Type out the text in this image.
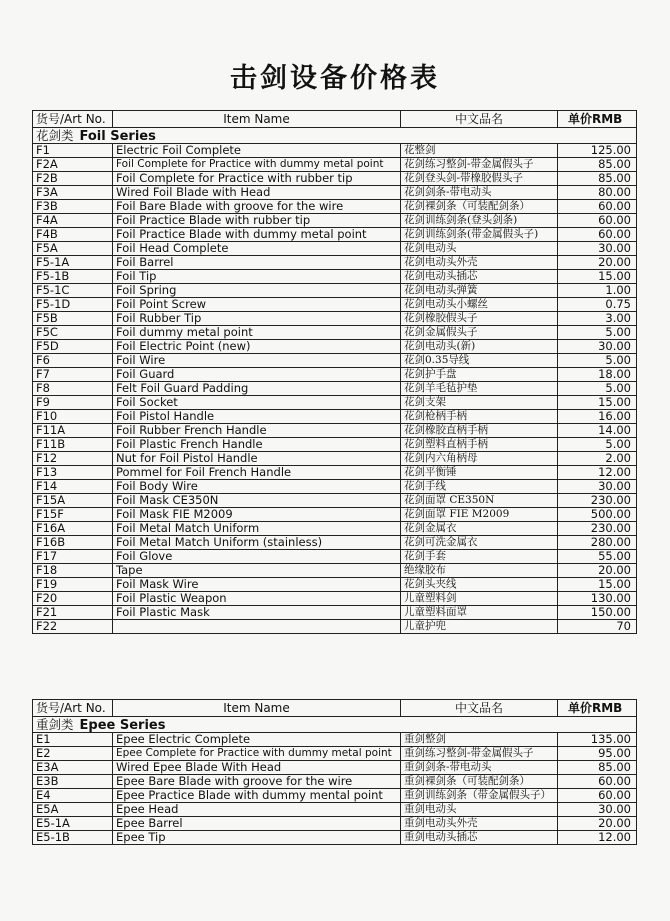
击剑设备价格表
货号/Art No.	Item Name	中文品名	单价RMB
花剑类 Foil Series			
F1	Electric Foil Complete	花整剑	125.00
F2A	Foil Complete for Practice with dummy metal point	花剑练习整剑-带金属假头子	85.00
F2B	Foil Complete for Practice with rubber tip	花剑登头剑-带橡胶假头子	85.00
F3A	Wired Foil Blade with Head	花剑剑条-带电动头	80.00
F3B	Foil Bare Blade with groove for the wire	花剑裸剑条（可装配剑条）	60.00
F4A	Foil Practice Blade with rubber tip	花剑训练剑条(登头剑条)	60.00
F4B	Foil Practice Blade with dummy metal point	花剑训练剑条(带金属假头子)	60.00
F5A	Foil Head Complete	花剑电动头	30.00
F5-1A	Foil Barrel	花剑电动头外壳	20.00
F5-1B	Foil Tip	花剑电动头插芯	15.00
F5-1C	Foil Spring	花剑电动头弹簧	1.00
F5-1D	Foil Point Screw	花剑电动头小螺丝	0.75
F5B	Foil Rubber Tip	花剑橡胶假头子	3.00
F5C	Foil dummy metal point	花剑金属假头子	5.00
F5D	Foil Electric Point (new)	花剑电动头(新)	30.00
F6	Foil Wire	花剑0.35导线	5.00
F7	Foil Guard	花剑护手盘	18.00
F8	Felt Foil Guard Padding	花剑羊毛毡护垫	5.00
F9	Foil Socket	花剑支架	15.00
F10	Foil Pistol Handle	花剑枪柄手柄	16.00
F11A	Foil Rubber French Handle	花剑橡胶直柄手柄	14.00
F11B	Foil Plastic French Handle	花剑塑料直柄手柄	5.00
F12	Nut for Foil Pistol Handle	花剑内六角柄母	2.00
F13	Pommel for Foil French Handle	花剑平衡锤	12.00
F14	Foil Body Wire	花剑手线	30.00
F15A	Foil Mask CE350N	花剑面罩 CE350N	230.00
F15F	Foil Mask FIE M2009	花剑面罩 FIE M2009	500.00
F16A	Foil Metal Match Uniform	花剑金属衣	230.00
F16B	Foil Metal Match Uniform (stainless)	花剑可洗金属衣	280.00
F17	Foil Glove	花剑手套	55.00
F18	Tape	绝缘胶布	20.00
F19	Foil Mask Wire	花剑头夹线	15.00
F20	Foil Plastic Weapon	儿童塑料剑	130.00
F21	Foil Plastic Mask	儿童塑料面罩	150.00
F22		儿童护兜	70
货号/Art No.	Item Name	中文品名	单价RMB
重剑类 Epee Series			
E1	Epee Electric Complete	重剑整剑	135.00
E2	Epee Complete for Practice with dummy metal point	重剑练习整剑-带金属假头子	95.00
E3A	Wired Epee Blade With Head	重剑剑条-带电动头	85.00
E3B	Epee Bare Blade with groove for the wire	重剑裸剑条（可装配剑条）	60.00
E4	Epee Practice Blade with dummy mental point	重剑训练剑条（带金属假头子）	60.00
E5A	Epee Head	重剑电动头	30.00
E5-1A	Epee Barrel	重剑电动头外壳	20.00
E5-1B	Epee Tip	重剑电动头插芯	12.00
